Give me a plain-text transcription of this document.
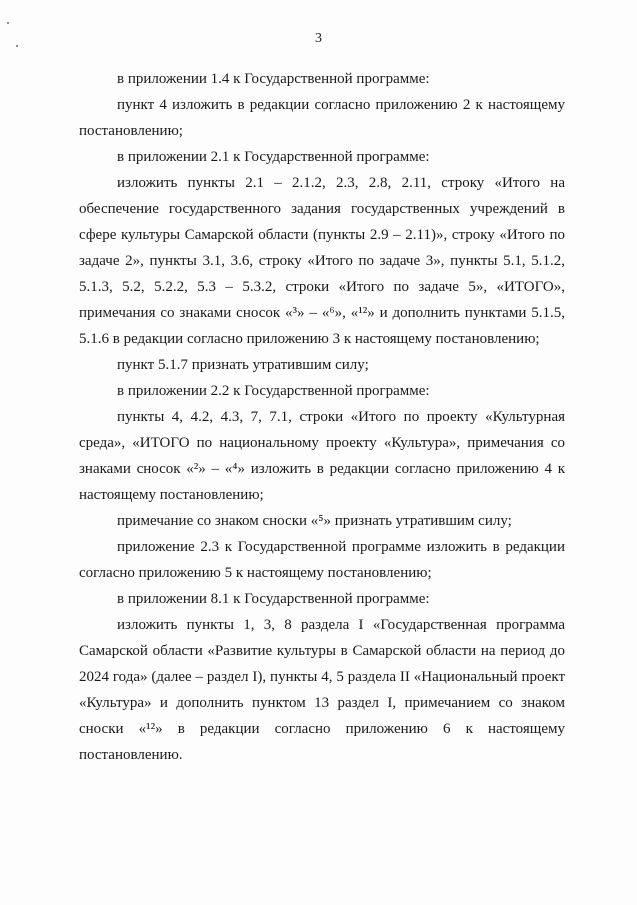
3

в приложении 1.4 к Государственной программе:

пункт 4 изложить в редакции согласно приложению 2 к настоящему постановлению;

в приложении 2.1 к Государственной программе:

изложить пункты 2.1 – 2.1.2, 2.3, 2.8, 2.11, строку «Итого на обеспечение государственного задания государственных учреждений в сфере культуры Самарской области (пункты 2.9 – 2.11)», строку «Итого по задаче 2», пункты 3.1, 3.6, строку «Итого по задаче 3», пункты 5.1, 5.1.2, 5.1.3, 5.2, 5.2.2, 5.3 – 5.3.2, строки «Итого по задаче 5», «ИТОГО», примечания со знаками сносок «³» – «⁶», «¹²» и дополнить пунктами 5.1.5, 5.1.6 в редакции согласно приложению 3 к настоящему постановлению;

пункт 5.1.7 признать утратившим силу;

в приложении 2.2 к Государственной программе:

пункты 4, 4.2, 4.3, 7, 7.1, строки «Итого по проекту «Культурная среда», «ИТОГО по национальному проекту «Культура», примечания со знаками сносок «²» – «⁴» изложить в редакции согласно приложению 4 к настоящему постановлению;

примечание со знаком сноски «⁵» признать утратившим силу;

приложение 2.3 к Государственной программе изложить в редакции согласно приложению 5 к настоящему постановлению;

в приложении 8.1 к Государственной программе:

изложить пункты 1, 3, 8 раздела I «Государственная программа Самарской области «Развитие культуры в Самарской области на период до 2024 года» (далее – раздел I), пункты 4, 5 раздела II «Национальный проект «Культура» и дополнить пунктом 13 раздел I, примечанием со знаком сноски «¹²» в редакции согласно приложению 6 к настоящему постановлению.
